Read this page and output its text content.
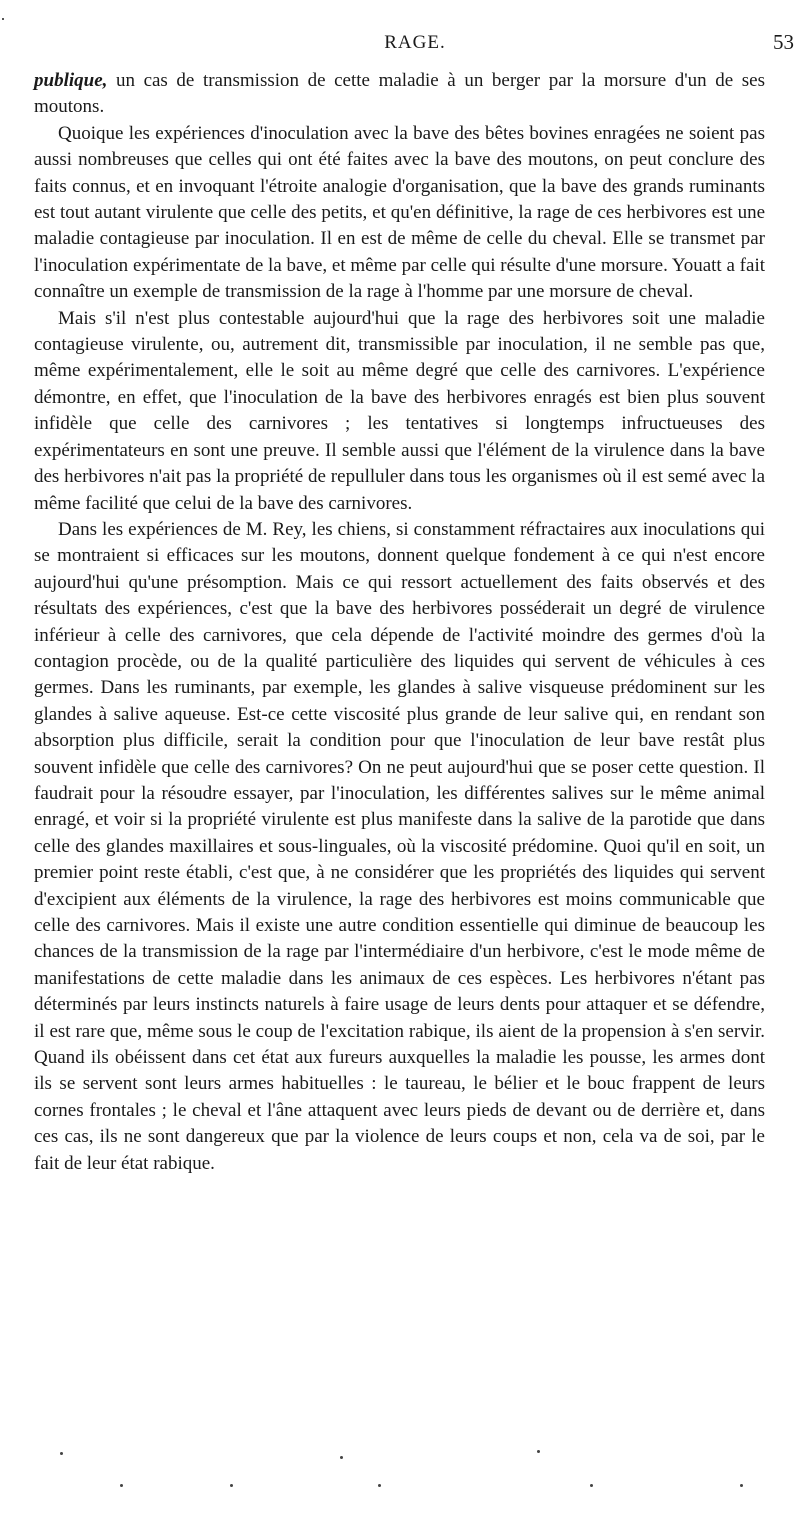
RAGE.	53

publique, un cas de transmission de cette maladie à un berger par la morsure d'un de ses moutons.

Quoique les expériences d'inoculation avec la bave des bêtes bovines enragées ne soient pas aussi nombreuses que celles qui ont été faites avec la bave des moutons, on peut conclure des faits connus, et en invoquant l'étroite analogie d'organisation, que la bave des grands ruminants est tout autant virulente que celle des petits, et qu'en définitive, la rage de ces herbivores est une maladie contagieuse par inoculation. Il en est de même de celle du cheval. Elle se transmet par l'inoculation expérimentate de la bave, et même par celle qui résulte d'une morsure. Youatt a fait connaître un exemple de transmission de la rage à l'homme par une morsure de cheval.

Mais s'il n'est plus contestable aujourd'hui que la rage des herbivores soit une maladie contagieuse virulente, ou, autrement dit, transmissible par inoculation, il ne semble pas que, même expérimentalement, elle le soit au même degré que celle des carnivores. L'expérience démontre, en effet, que l'inoculation de la bave des herbivores enragés est bien plus souvent infidèle que celle des carnivores ; les tentatives si longtemps infructueuses des expérimentateurs en sont une preuve. Il semble aussi que l'élément de la virulence dans la bave des herbivores n'ait pas la propriété de repulluler dans tous les organismes où il est semé avec la même facilité que celui de la bave des carnivores.

Dans les expériences de M. Rey, les chiens, si constamment réfractaires aux inoculations qui se montraient si efficaces sur les moutons, donnent quelque fondement à ce qui n'est encore aujourd'hui qu'une présomption. Mais ce qui ressort actuellement des faits observés et des résultats des expériences, c'est que la bave des herbivores posséderait un degré de virulence inférieur à celle des carnivores, que cela dépende de l'activité moindre des germes d'où la contagion procède, ou de la qualité particulière des liquides qui servent de véhicules à ces germes. Dans les ruminants, par exemple, les glandes à salive visqueuse prédominent sur les glandes à salive aqueuse. Est-ce cette viscosité plus grande de leur salive qui, en rendant son absorption plus difficile, serait la condition pour que l'inoculation de leur bave restât plus souvent infidèle que celle des carnivores? On ne peut aujourd'hui que se poser cette question. Il faudrait pour la résoudre essayer, par l'inoculation, les différentes salives sur le même animal enragé, et voir si la propriété virulente est plus manifeste dans la salive de la parotide que dans celle des glandes maxillaires et sous-linguales, où la viscosité prédomine. Quoi qu'il en soit, un premier point reste établi, c'est que, à ne considérer que les propriétés des liquides qui servent d'excipient aux éléments de la virulence, la rage des herbivores est moins communicable que celle des carnivores. Mais il existe une autre condition essentielle qui diminue de beaucoup les chances de la transmission de la rage par l'intermédiaire d'un herbivore, c'est le mode même de manifestations de cette maladie dans les animaux de ces espèces. Les herbivores n'étant pas déterminés par leurs instincts naturels à faire usage de leurs dents pour attaquer et se défendre, il est rare que, même sous le coup de l'excitation rabique, ils aient de la propension à s'en servir. Quand ils obéissent dans cet état aux fureurs auxquelles la maladie les pousse, les armes dont ils se servent sont leurs armes habituelles : le taureau, le bélier et le bouc frappent de leurs cornes frontales ; le cheval et l'âne attaquent avec leurs pieds de devant ou de derrière et, dans ces cas, ils ne sont dangereux que par la violence de leurs coups et non, cela va de soi, par le fait de leur état rabique.
